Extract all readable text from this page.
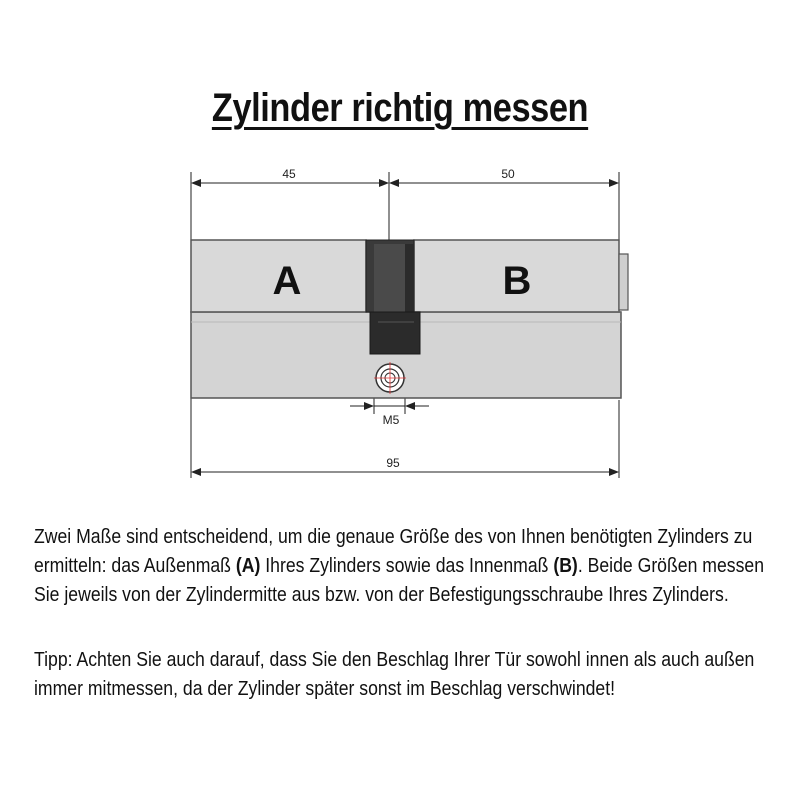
Zylinder richtig messen
45	50
M5
95
A	B
Zwei Maße sind entscheidend, um die genaue Größe des von Ihnen benötigten Zylinders zu
ermitteln: das Außenmaß (A) Ihres Zylinders sowie das Innenmaß (B). Beide Größen messen
Sie jeweils von der Zylindermitte aus bzw. von der Befestigungsschraube Ihres Zylinders.
Tipp: Achten Sie auch darauf, dass Sie den Beschlag Ihrer Tür sowohl innen als auch außen
immer mitmessen, da der Zylinder später sonst im Beschlag verschwindet!
